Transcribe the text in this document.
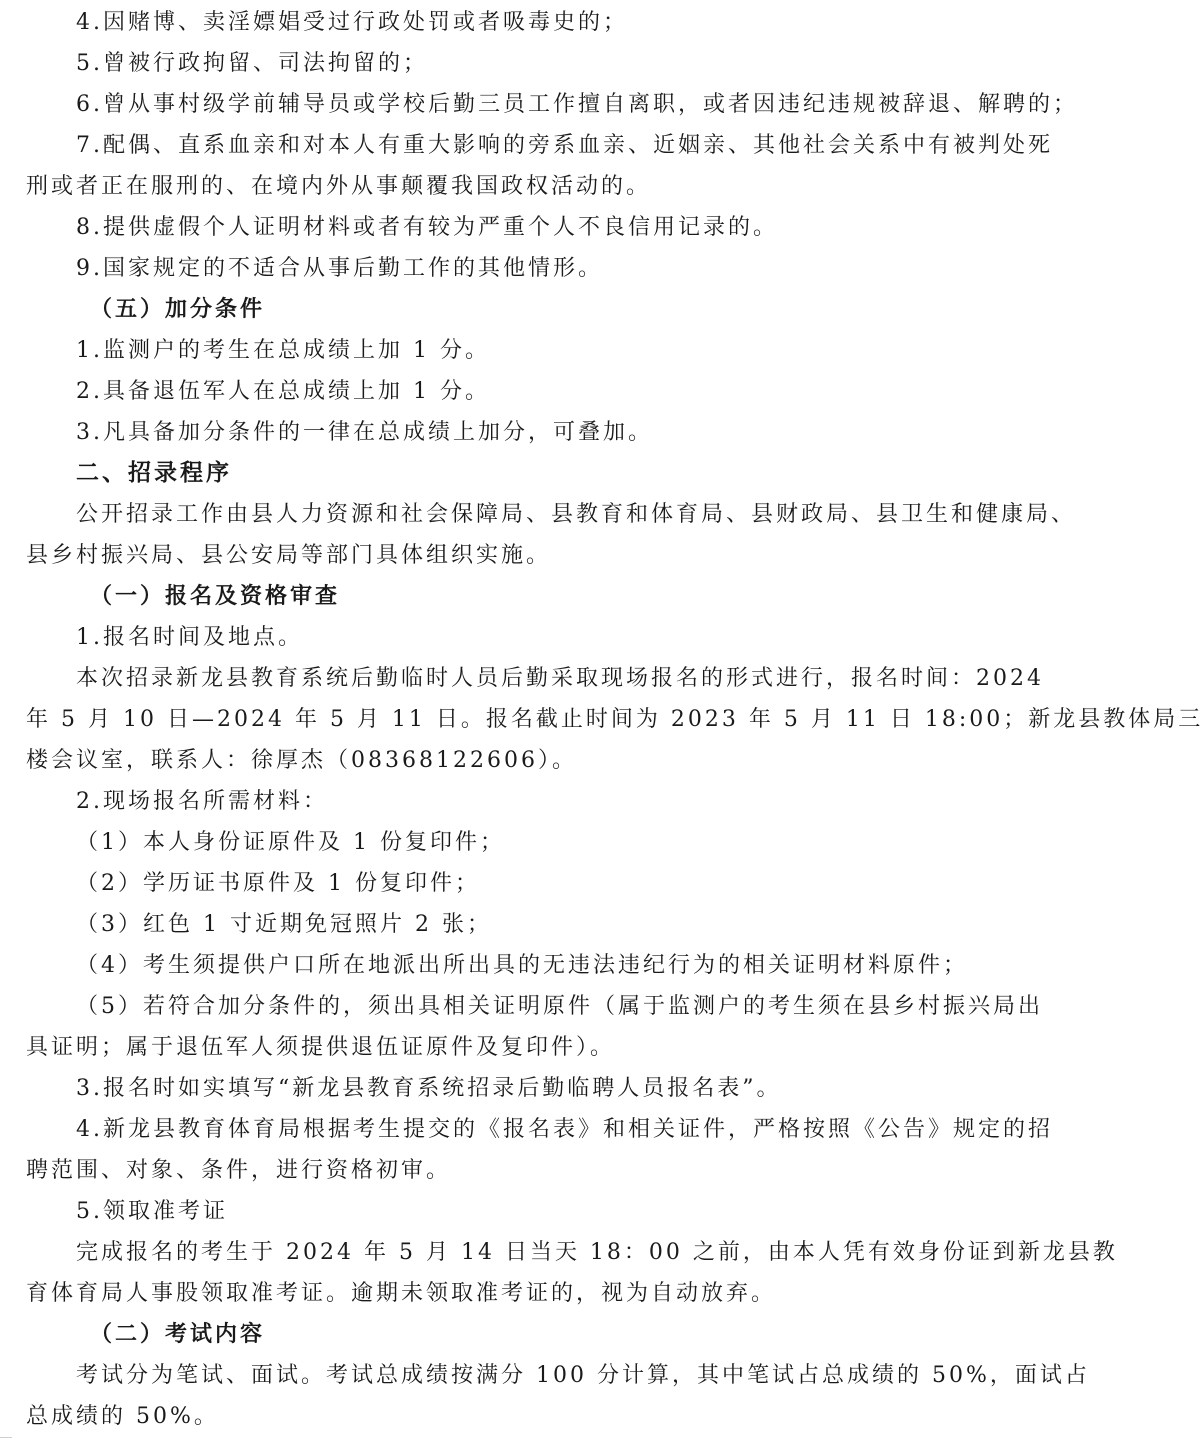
4.因赌博、卖淫嫖娼受过行政处罚或者吸毒史的；
5.曾被行政拘留、司法拘留的；
6.曾从事村级学前辅导员或学校后勤三员工作擅自离职，或者因违纪违规被辞退、解聘的；
7.配偶、直系血亲和对本人有重大影响的旁系血亲、近姻亲、其他社会关系中有被判处死
刑或者正在服刑的、在境内外从事颠覆我国政权活动的。
8.提供虚假个人证明材料或者有较为严重个人不良信用记录的。
9.国家规定的不适合从事后勤工作的其他情形。
（五）加分条件
1.监测户的考生在总成绩上加 1 分。
2.具备退伍军人在总成绩上加 1 分。
3.凡具备加分条件的一律在总成绩上加分，可叠加。
二、招录程序
公开招录工作由县人力资源和社会保障局、县教育和体育局、县财政局、县卫生和健康局、
县乡村振兴局、县公安局等部门具体组织实施。
（一）报名及资格审查
1.报名时间及地点。
本次招录新龙县教育系统后勤临时人员后勤采取现场报名的形式进行，报名时间：2024
年 5 月 10 日—2024 年 5 月 11 日。报名截止时间为 2023 年 5 月 11 日 18:00；新龙县教体局三
楼会议室，联系人：徐厚杰（08368122606）。
2.现场报名所需材料：
（1）本人身份证原件及 1 份复印件；
（2）学历证书原件及 1 份复印件；
（3）红色 1 寸近期免冠照片 2 张；
（4）考生须提供户口所在地派出所出具的无违法违纪行为的相关证明材料原件；
（5）若符合加分条件的，须出具相关证明原件（属于监测户的考生须在县乡村振兴局出
具证明；属于退伍军人须提供退伍证原件及复印件）。
3.报名时如实填写“新龙县教育系统招录后勤临聘人员报名表”。
4.新龙县教育体育局根据考生提交的《报名表》和相关证件，严格按照《公告》规定的招
聘范围、对象、条件，进行资格初审。
5.领取准考证
完成报名的考生于 2024 年 5 月 14 日当天 18：00 之前，由本人凭有效身份证到新龙县教
育体育局人事股领取准考证。逾期未领取准考证的，视为自动放弃。
（二）考试内容
考试分为笔试、面试。考试总成绩按满分 100 分计算，其中笔试占总成绩的 50%，面试占
总成绩的 50%。
